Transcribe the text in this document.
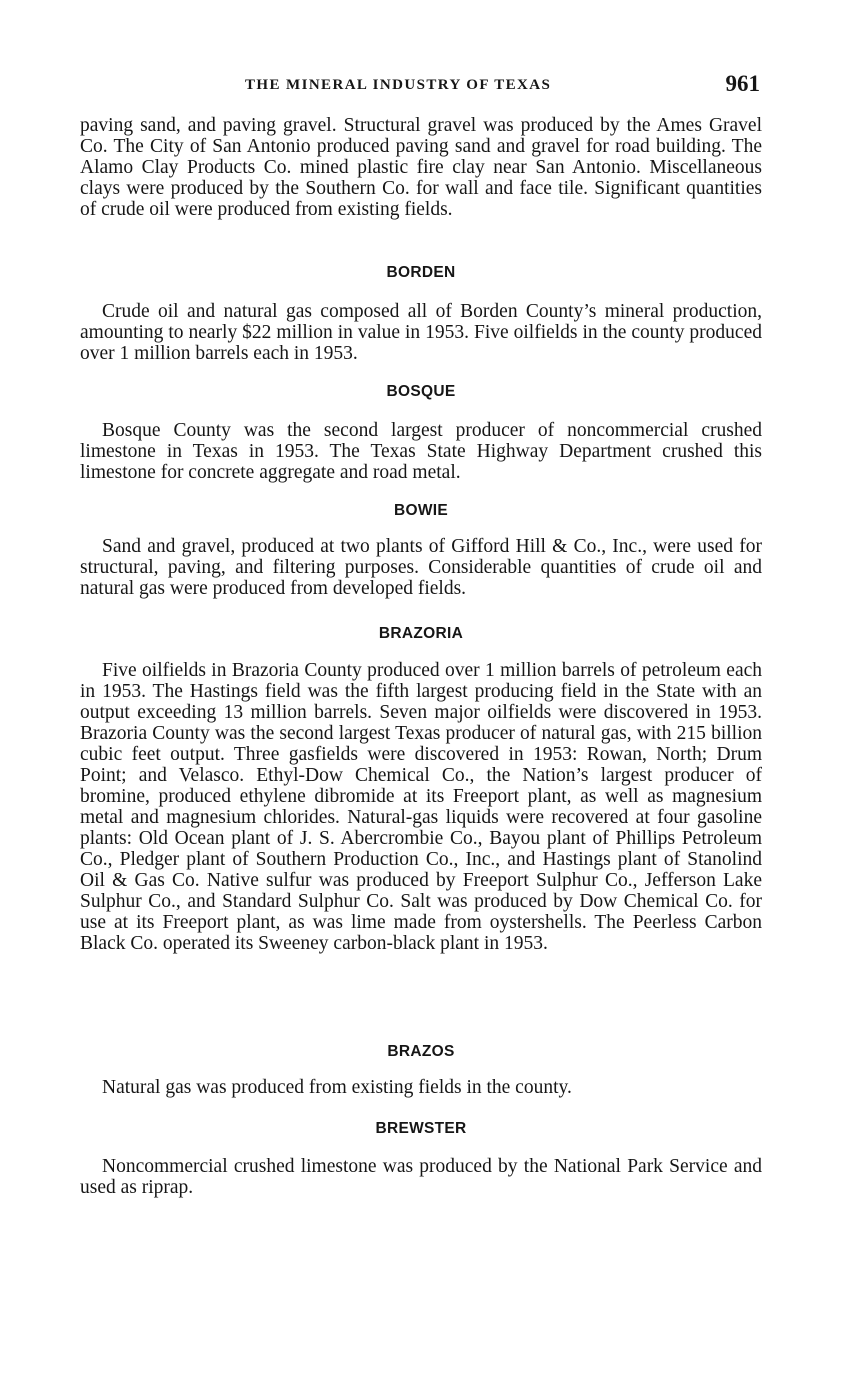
THE MINERAL INDUSTRY OF TEXAS	961

paving sand, and paving gravel. Structural gravel was produced by the Ames Gravel Co. The City of San Antonio produced paving sand and gravel for road building. The Alamo Clay Products Co. mined plastic fire clay near San Antonio. Miscellaneous clays were produced by the Southern Co. for wall and face tile. Significant quantities of crude oil were produced from existing fields.

BORDEN

Crude oil and natural gas composed all of Borden County’s mineral production, amounting to nearly $22 million in value in 1953. Five oilfields in the county produced over 1 million barrels each in 1953.

BOSQUE

Bosque County was the second largest producer of noncommercial crushed limestone in Texas in 1953. The Texas State Highway Department crushed this limestone for concrete aggregate and road metal.

BOWIE

Sand and gravel, produced at two plants of Gifford Hill & Co., Inc., were used for structural, paving, and filtering purposes. Considerable quantities of crude oil and natural gas were produced from developed fields.

BRAZORIA

Five oilfields in Brazoria County produced over 1 million barrels of petroleum each in 1953. The Hastings field was the fifth largest producing field in the State with an output exceeding 13 million barrels. Seven major oilfields were discovered in 1953. Brazoria County was the second largest Texas producer of natural gas, with 215 billion cubic feet output. Three gasfields were discovered in 1953: Rowan, North; Drum Point; and Velasco. Ethyl-Dow Chemical Co., the Nation’s largest producer of bromine, produced ethylene dibromide at its Freeport plant, as well as magnesium metal and magnesium chlorides. Natural-gas liquids were recovered at four gasoline plants: Old Ocean plant of J. S. Abercrombie Co., Bayou plant of Phillips Petroleum Co., Pledger plant of Southern Production Co., Inc., and Hastings plant of Stanolind Oil & Gas Co. Native sulfur was produced by Freeport Sulphur Co., Jefferson Lake Sulphur Co., and Standard Sulphur Co. Salt was produced by Dow Chemical Co. for use at its Freeport plant, as was lime made from oystershells. The Peerless Carbon Black Co. operated its Sweeney carbon-black plant in 1953.

BRAZOS

Natural gas was produced from existing fields in the county.

BREWSTER

Noncommercial crushed limestone was produced by the National Park Service and used as riprap.
